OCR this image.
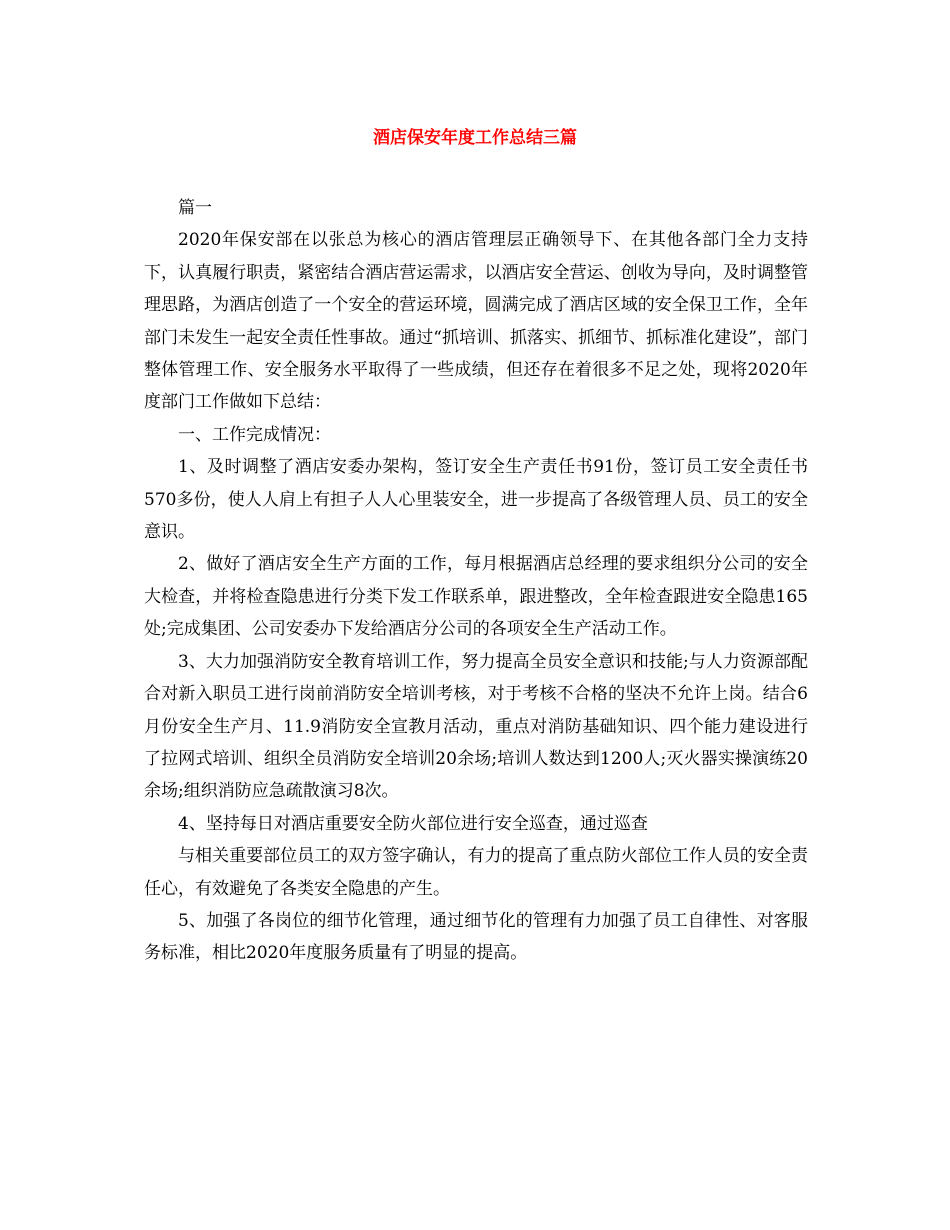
酒店保安年度工作总结三篇

篇一

2020年保安部在以张总为核心的酒店管理层正确领导下、在其他各部门全力支持下，认真履行职责，紧密结合酒店营运需求，以酒店安全营运、创收为导向，及时调整管理思路，为酒店创造了一个安全的营运环境，圆满完成了酒店区域的安全保卫工作，全年部门未发生一起安全责任性事故。通过“抓培训、抓落实、抓细节、抓标准化建设”，部门整体管理工作、安全服务水平取得了一些成绩，但还存在着很多不足之处，现将2020年度部门工作做如下总结：

一、工作完成情况：

1、及时调整了酒店安委办架构，签订安全生产责任书91份，签订员工安全责任书570多份，使人人肩上有担子人人心里装安全，进一步提高了各级管理人员、员工的安全意识。

2、做好了酒店安全生产方面的工作，每月根据酒店总经理的要求组织分公司的安全大检查，并将检查隐患进行分类下发工作联系单，跟进整改，全年检查跟进安全隐患165处;完成集团、公司安委办下发给酒店分公司的各项安全生产活动工作。

3、大力加强消防安全教育培训工作，努力提高全员安全意识和技能;与人力资源部配合对新入职员工进行岗前消防安全培训考核，对于考核不合格的坚决不允许上岗。结合6月份安全生产月、11.9消防安全宣教月活动，重点对消防基础知识、四个能力建设进行了拉网式培训、组织全员消防安全培训20余场;培训人数达到1200人;灭火器实操演练20余场;组织消防应急疏散演习8次。

4、坚持每日对酒店重要安全防火部位进行安全巡查，通过巡查

与相关重要部位员工的双方签字确认，有力的提高了重点防火部位工作人员的安全责任心，有效避免了各类安全隐患的产生。

5、加强了各岗位的细节化管理，通过细节化的管理有力加强了员工自律性、对客服务标准，相比2020年度服务质量有了明显的提高。
